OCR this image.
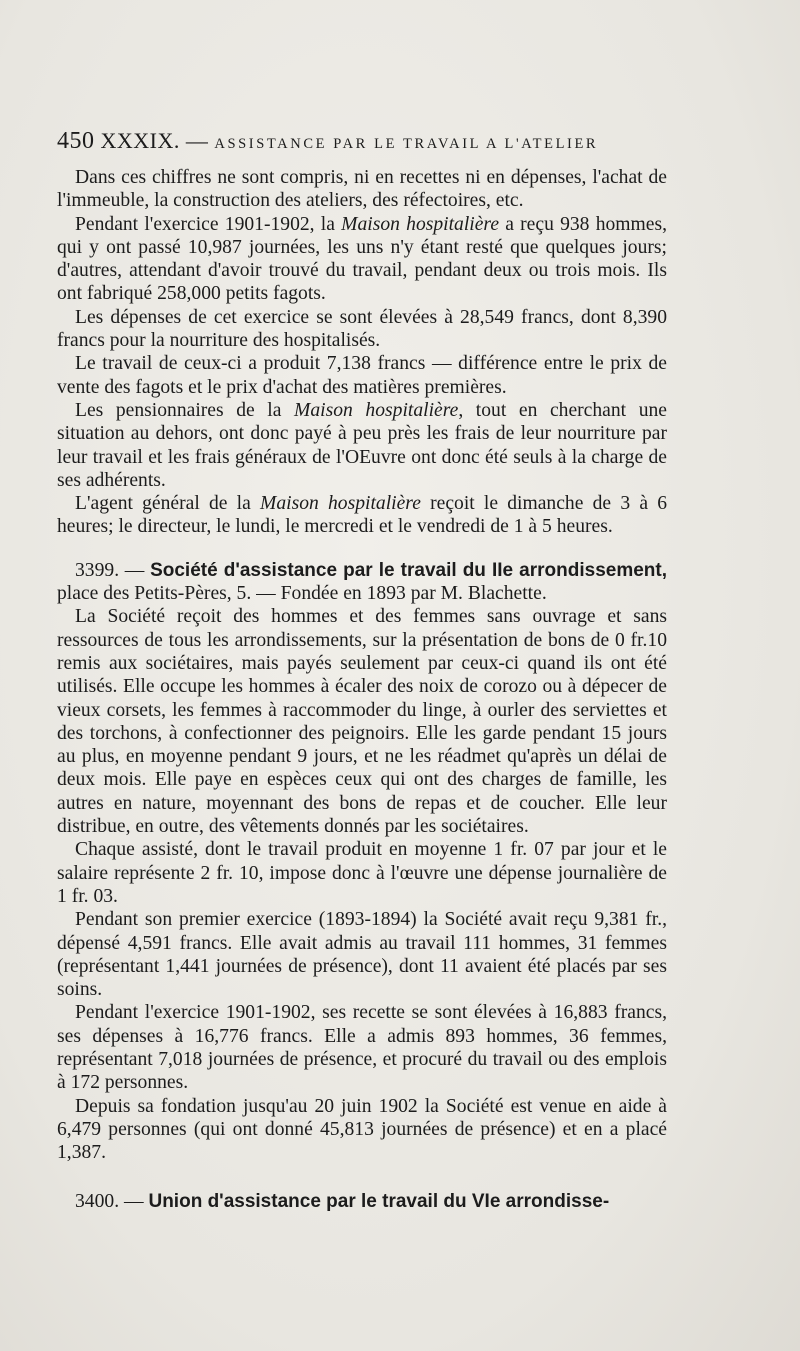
450 XXXIX. — ASSISTANCE PAR LE TRAVAIL A L'ATELIER

Dans ces chiffres ne sont compris, ni en recettes ni en dépenses, l'achat de l'immeuble, la construction des ateliers, des réfectoires, etc.

Pendant l'exercice 1901-1902, la Maison hospitalière a reçu 938 hommes, qui y ont passé 10,987 journées, les uns n'y étant resté que quelques jours; d'autres, attendant d'avoir trouvé du travail, pendant deux ou trois mois. Ils ont fabriqué 258,000 petits fagots.

Les dépenses de cet exercice se sont élevées à 28,549 francs, dont 8,390 francs pour la nourriture des hospitalisés.

Le travail de ceux-ci a produit 7,138 francs — différence entre le prix de vente des fagots et le prix d'achat des matières premières.

Les pensionnaires de la Maison hospitalière, tout en cherchant une situation au dehors, ont donc payé à peu près les frais de leur nourriture par leur travail et les frais généraux de l'OEuvre ont donc été seuls à la charge de ses adhérents.

L'agent général de la Maison hospitalière reçoit le dimanche de 3 à 6 heures; le directeur, le lundi, le mercredi et le vendredi de 1 à 5 heures.

3399. — Société d'assistance par le travail du IIe arrondissement, place des Petits-Pères, 5. — Fondée en 1893 par M. Blachette.

La Société reçoit des hommes et des femmes sans ouvrage et sans ressources de tous les arrondissements, sur la présentation de bons de 0 fr.10 remis aux sociétaires, mais payés seulement par ceux-ci quand ils ont été utilisés. Elle occupe les hommes à écaler des noix de corozo ou à dépecer de vieux corsets, les femmes à raccommoder du linge, à ourler des serviettes et des torchons, à confectionner des peignoirs. Elle les garde pendant 15 jours au plus, en moyenne pendant 9 jours, et ne les réadmet qu'après un délai de deux mois. Elle paye en espèces ceux qui ont des charges de famille, les autres en nature, moyennant des bons de repas et de coucher. Elle leur distribue, en outre, des vêtements donnés par les sociétaires.

Chaque assisté, dont le travail produit en moyenne 1 fr. 07 par jour et le salaire représente 2 fr. 10, impose donc à l'œuvre une dépense journalière de 1 fr. 03.

Pendant son premier exercice (1893-1894) la Société avait reçu 9,381 fr., dépensé 4,591 francs. Elle avait admis au travail 111 hommes, 31 femmes (représentant 1,441 journées de présence), dont 11 avaient été placés par ses soins.

Pendant l'exercice 1901-1902, ses recette se sont élevées à 16,883 francs, ses dépenses à 16,776 francs. Elle a admis 893 hommes, 36 femmes, représentant 7,018 journées de présence, et procuré du travail ou des emplois à 172 personnes.

Depuis sa fondation jusqu'au 20 juin 1902 la Société est venue en aide à 6,479 personnes (qui ont donné 45,813 journées de présence) et en a placé 1,387.

3400. — Union d'assistance par le travail du VIe arrondisse-
